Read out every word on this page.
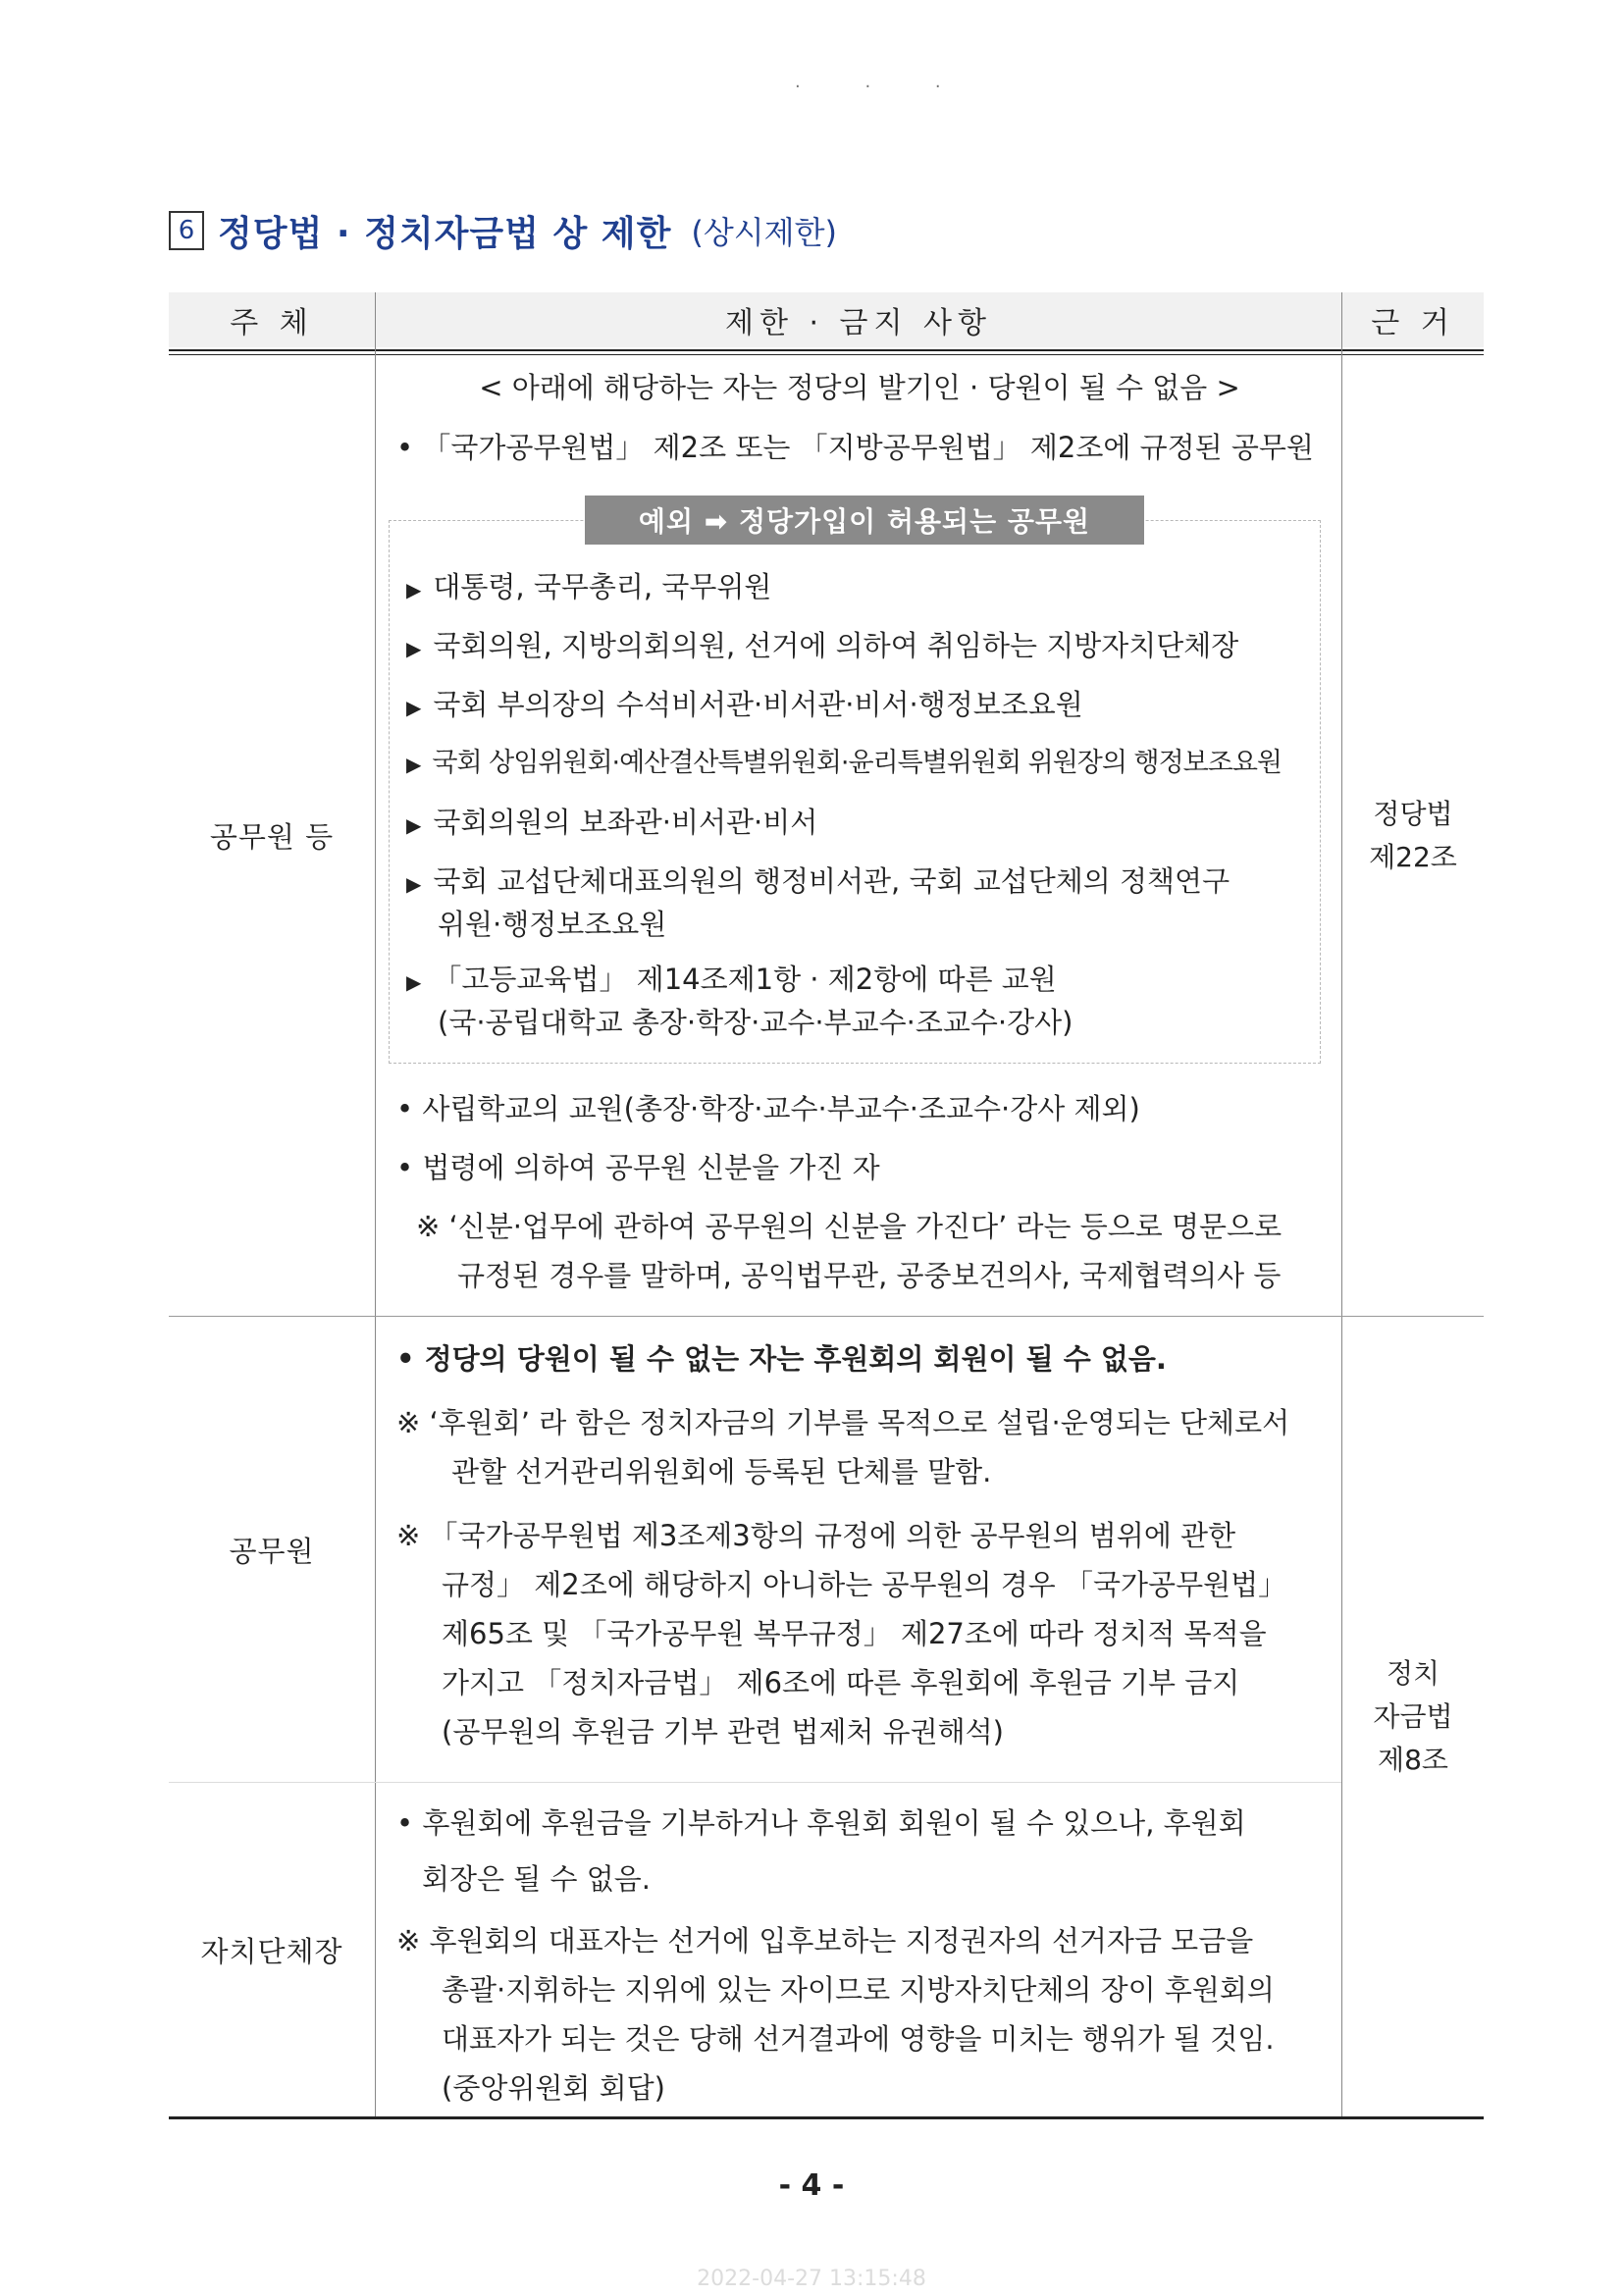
· · ·
6 정당법 · 정치자금법 상 제한 (상시제한)
주 체	제한 · 금지 사항	근 거
공무원 등
정당법
제22조
공무원
정치
자금법
제8조
자치단체장
< 아래에 해당하는 자는 정당의 발기인 · 당원이 될 수 없음 >
• 「국가공무원법」 제2조 또는 「지방공무원법」 제2조에 규정된 공무원
예외 ➡ 정당가입이 허용되는 공무원
▶ 대통령, 국무총리, 국무위원
▶ 국회의원, 지방의회의원, 선거에 의하여 취임하는 지방자치단체장
▶ 국회 부의장의 수석비서관·비서관·비서·행정보조요원
▶ 국회 상임위원회·예산결산특별위원회·윤리특별위원회 위원장의 행정보조요원
▶ 국회의원의 보좌관·비서관·비서
▶ 국회 교섭단체대표의원의 행정비서관, 국회 교섭단체의 정책연구
위원·행정보조요원
▶ 「고등교육법」 제14조제1항 · 제2항에 따른 교원
(국·공립대학교 총장·학장·교수·부교수·조교수·강사)
• 사립학교의 교원(총장·학장·교수·부교수·조교수·강사 제외)
• 법령에 의하여 공무원 신분을 가진 자
※ ‘신분·업무에 관하여 공무원의 신분을 가진다’ 라는 등으로 명문으로
규정된 경우를 말하며, 공익법무관, 공중보건의사, 국제협력의사 등
• 정당의 당원이 될 수 없는 자는 후원회의 회원이 될 수 없음.
※ ‘후원회’ 라 함은 정치자금의 기부를 목적으로 설립·운영되는 단체로서
관할 선거관리위원회에 등록된 단체를 말함.
※ 「국가공무원법 제3조제3항의 규정에 의한 공무원의 범위에 관한
규정」 제2조에 해당하지 아니하는 공무원의 경우 「국가공무원법」
제65조 및 「국가공무원 복무규정」 제27조에 따라 정치적 목적을
가지고 「정치자금법」 제6조에 따른 후원회에 후원금 기부 금지
(공무원의 후원금 기부 관련 법제처 유권해석)
• 후원회에 후원금을 기부하거나 후원회 회원이 될 수 있으나, 후원회
회장은 될 수 없음.
※ 후원회의 대표자는 선거에 입후보하는 지정권자의 선거자금 모금을
총괄·지휘하는 지위에 있는 자이므로 지방자치단체의 장이 후원회의
대표자가 되는 것은 당해 선거결과에 영향을 미치는 행위가 될 것임.
(중앙위원회 회답)
- 4 -
2022-04-27 13:15:48
